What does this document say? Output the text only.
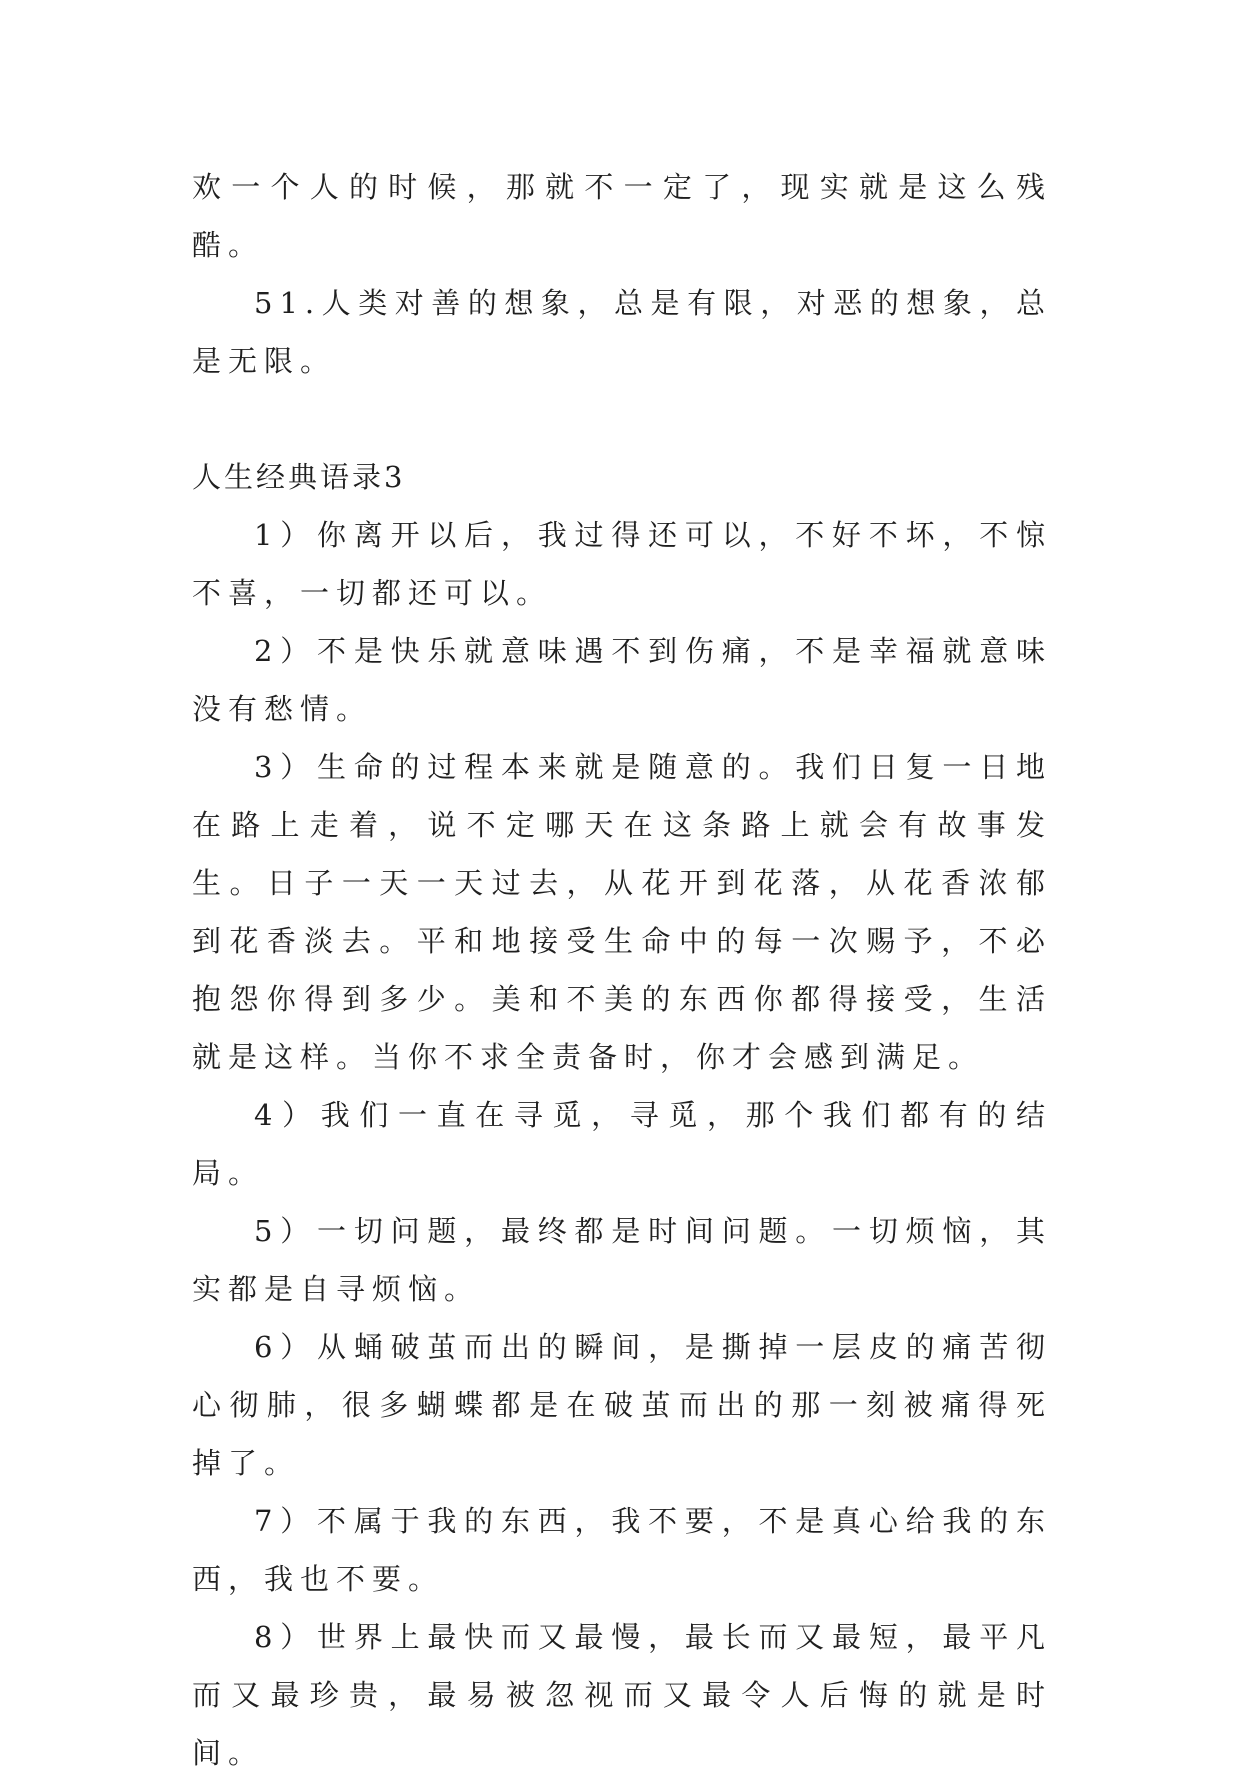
欢一个人的时候，那就不一定了，现实就是这么残酷。

51.人类对善的想象，总是有限，对恶的想象，总是无限。

人生经典语录3

1）你离开以后，我过得还可以，不好不坏，不惊不喜，一切都还可以。

2）不是快乐就意味遇不到伤痛，不是幸福就意味没有愁情。

3）生命的过程本来就是随意的。我们日复一日地在路上走着，说不定哪天在这条路上就会有故事发生。日子一天一天过去，从花开到花落，从花香浓郁到花香淡去。平和地接受生命中的每一次赐予，不必抱怨你得到多少。美和不美的东西你都得接受，生活就是这样。当你不求全责备时，你才会感到满足。

4）我们一直在寻觅，寻觅，那个我们都有的结局。

5）一切问题，最终都是时间问题。一切烦恼，其实都是自寻烦恼。

6）从蛹破茧而出的瞬间，是撕掉一层皮的痛苦彻心彻肺，很多蝴蝶都是在破茧而出的那一刻被痛得死掉了。

7）不属于我的东西，我不要，不是真心给我的东西，我也不要。

8）世界上最快而又最慢，最长而又最短，最平凡而又最珍贵，最易被忽视而又最令人后悔的就是时间。
